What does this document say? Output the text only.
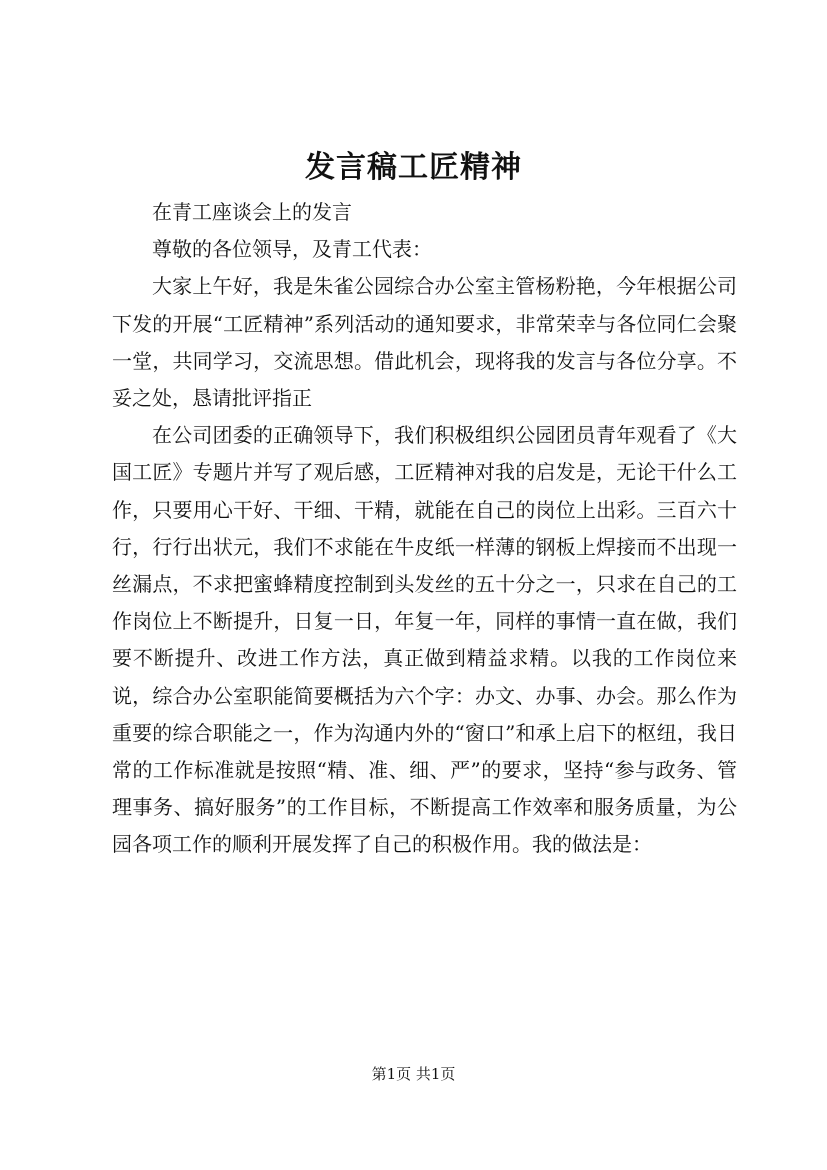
发言稿工匠精神

在青工座谈会上的发言

尊敬的各位领导，及青工代表：

大家上午好，我是朱雀公园综合办公室主管杨粉艳，今年根据公司下发的开展“工匠精神”系列活动的通知要求，非常荣幸与各位同仁会聚一堂，共同学习，交流思想。借此机会，现将我的发言与各位分享。不妥之处，恳请批评指正

在公司团委的正确领导下，我们积极组织公园团员青年观看了《大国工匠》专题片并写了观后感，工匠精神对我的启发是，无论干什么工作，只要用心干好、干细、干精，就能在自己的岗位上出彩。三百六十行，行行出状元，我们不求能在牛皮纸一样薄的钢板上焊接而不出现一丝漏点，不求把蜜蜂精度控制到头发丝的五十分之一，只求在自己的工作岗位上不断提升，日复一日，年复一年，同样的事情一直在做，我们要不断提升、改进工作方法，真正做到精益求精。以我的工作岗位来说，综合办公室职能简要概括为六个字：办文、办事、办会。那么作为重要的综合职能之一，作为沟通内外的“窗口”和承上启下的枢纽，我日常的工作标准就是按照“精、准、细、严”的要求，坚持“参与政务、管理事务、搞好服务”的工作目标，不断提高工作效率和服务质量，为公园各项工作的顺利开展发挥了自己的积极作用。我的做法是：

第1页 共1页
